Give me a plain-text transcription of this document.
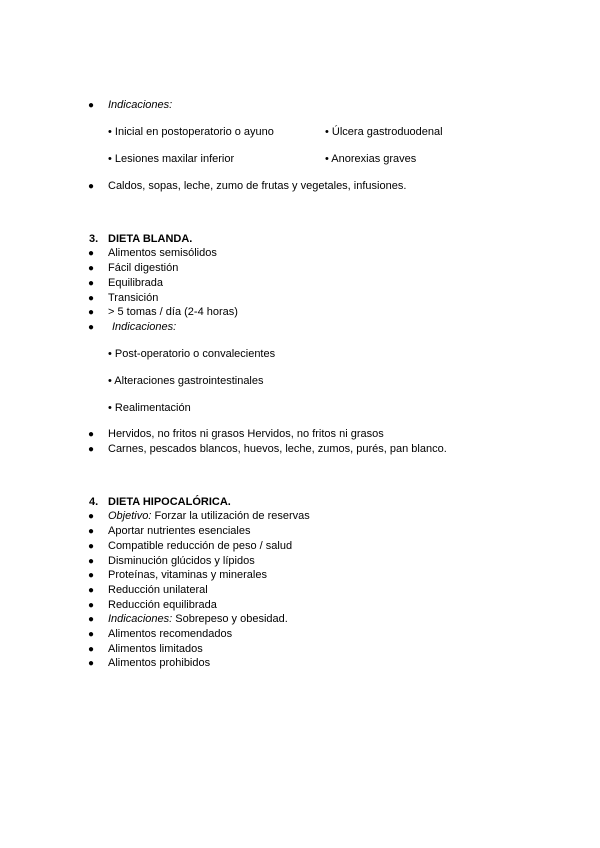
●	Indicaciones:
• Inicial en postoperatorio o ayuno	• Úlcera gastroduodenal
• Lesiones maxilar inferior	• Anorexias graves
●	Caldos, sopas, leche, zumo de frutas y vegetales, infusiones.
3. DIETA BLANDA.
●	Alimentos semisólidos
●	Fácil digestión
●	Equilibrada
●	Transición
●	> 5 tomas / día (2-4 horas)
●	Indicaciones:
• Post-operatorio o convalecientes
• Alteraciones gastrointestinales
• Realimentación
●	Hervidos, no fritos ni grasos Hervidos, no fritos ni grasos
●	Carnes, pescados blancos, huevos, leche, zumos, purés, pan blanco.
4. DIETA HIPOCALÓRICA.
●	Objetivo: Forzar la utilización de reservas
●	Aportar nutrientes esenciales
●	Compatible reducción de peso / salud
●	Disminución glúcidos y lípidos
●	Proteínas, vitaminas y minerales
●	Reducción unilateral
●	Reducción equilibrada
●	Indicaciones: Sobrepeso y obesidad.
●	Alimentos recomendados
●	Alimentos limitados
●	Alimentos prohibidos
